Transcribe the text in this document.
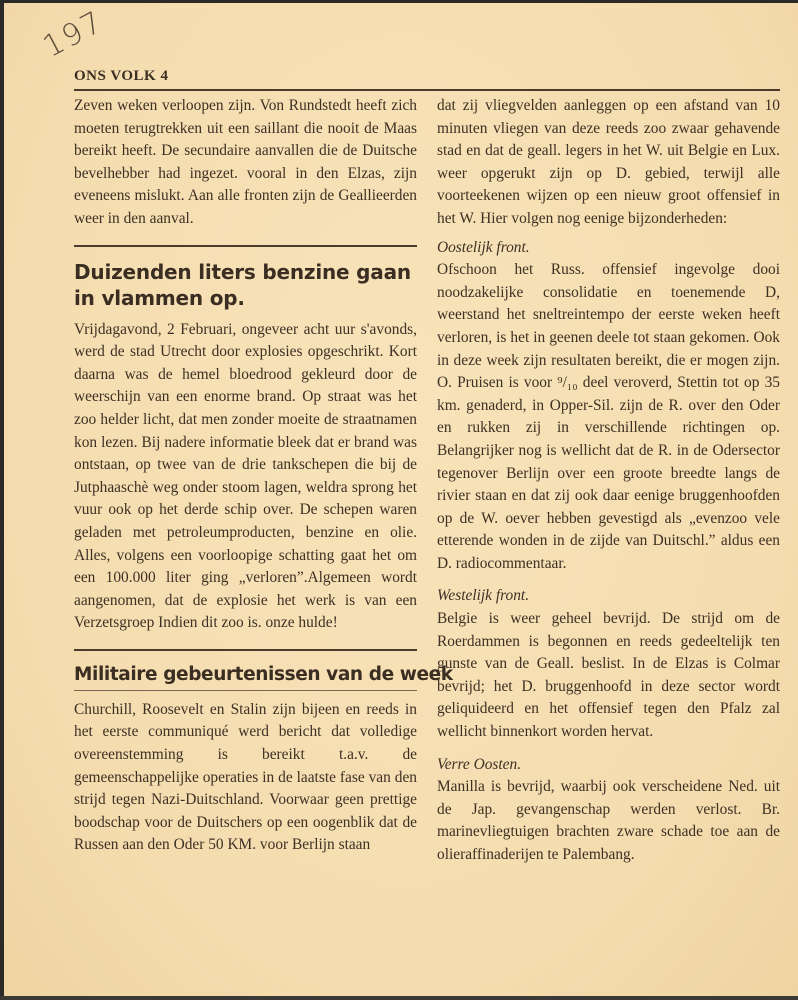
197
ONS VOLK 4

Zeven weken verloopen zijn. Von Rundstedt heeft zich moeten terugtrekken uit een saillant die nooit de Maas bereikt heeft. De secundaire aanvallen die de Duitsche bevelhebber had ingezet. vooral in den Elzas, zijn eveneens mislukt. Aan alle fronten zijn de Geallieerden weer in den aanval.

Duizenden liters benzine gaan in vlammen op.

Vrijdagavond, 2 Februari, ongeveer acht uur s'avonds, werd de stad Utrecht door explosies opgeschrikt. Kort daarna was de hemel bloedrood gekleurd door de weerschijn van een enorme brand. Op straat was het zoo helder licht, dat men zonder moeite de straatnamen kon lezen. Bij nadere informatie bleek dat er brand was ontstaan, op twee van de drie tankschepen die bij de Jutphaaschè weg onder stoom lagen, weldra sprong het vuur ook op het derde schip over. De schepen waren geladen met petroleumproducten, benzine en olie. Alles, volgens een voorloopige schatting gaat het om een 100.000 liter ging „verloren”.Algemeen wordt aangenomen, dat de explosie het werk is van een Verzetsgroep Indien dit zoo is. onze hulde!

Militaire gebeurtenissen van de week

Churchill, Roosevelt en Stalin zijn bijeen en reeds in het eerste communiqué werd bericht dat volledige overeenstemming is bereikt t.a.v. de gemeenschappelijke operaties in de laatste fase van den strijd tegen Nazi-Duitschland. Voorwaar geen prettige boodschap voor de Duitschers op een oogenblik dat de Russen aan den Oder 50 KM. voor Berlijn staan

dat zij vliegvelden aanleggen op een afstand van 10 minuten vliegen van deze reeds zoo zwaar gehavende stad en dat de geall. legers in het W. uit Belgie en Lux. weer opgerukt zijn op D. gebied, terwijl alle voorteekenen wijzen op een nieuw groot offensief in het W. Hier volgen nog eenige bijzonderheden:

Oostelijk front.

Ofschoon het Russ. offensief ingevolge dooi noodzakelijke consolidatie en toenemende D, weerstand het sneltreintempo der eerste weken heeft verloren, is het in geenen deele tot staan gekomen. Ook in deze week zijn resultaten bereikt, die er mogen zijn. O. Pruisen is voor ⁹/₁₀ deel veroverd, Stettin tot op 35 km. genaderd, in Opper-Sil. zijn de R. over den Oder en rukken zij in verschillende richtingen op. Belangrijker nog is wellicht dat de R. in de Odersector tegenover Berlijn over een groote breedte langs de rivier staan en dat zij ook daar eenige bruggenhoofden op de W. oever hebben gevestigd als „evenzoo vele etterende wonden in de zijde van Duitschl.” aldus een D. radiocommentaar.

Westelijk front.

Belgie is weer geheel bevrijd. De strijd om de Roerdammen is begonnen en reeds gedeeltelijk ten gunste van de Geall. beslist. In de Elzas is Colmar bevrijd; het D. bruggenhoofd in deze sector wordt geliquideerd en het offensief tegen den Pfalz zal wellicht binnenkort worden hervat.

Verre Oosten.

Manilla is bevrijd, waarbij ook verscheidene Ned. uit de Jap. gevangenschap werden verlost. Br. marinevliegtuigen brachten zware schade toe aan de olieraffinaderijen te Palembang.
